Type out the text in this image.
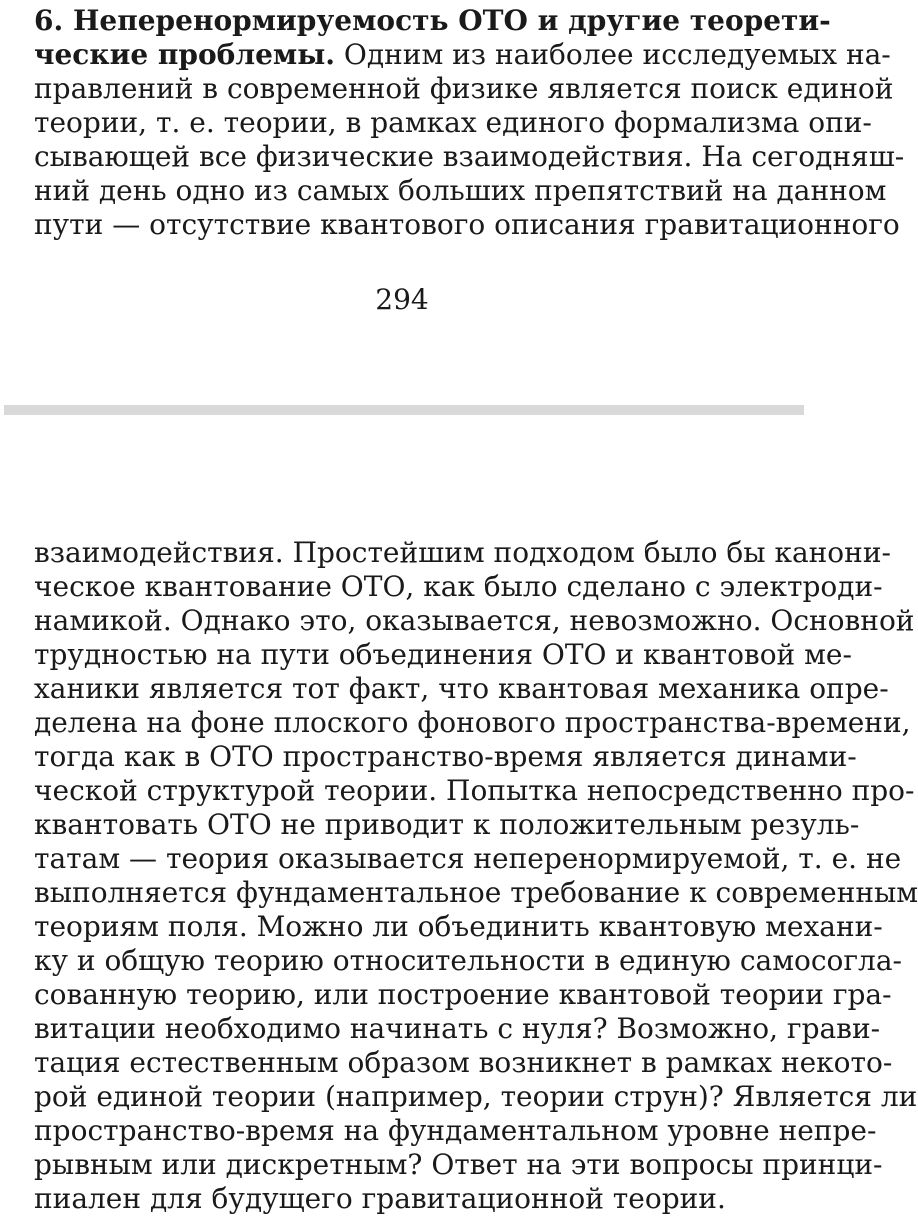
6. Неперенормируемость ОТО и другие теорети-
ческие проблемы. Одним из наиболее исследуемых на-
правлений в современной физике является поиск единой
теории, т. е. теории, в рамках единого формализма опи-
сывающей все физические взаимодействия. На сегодняш-
ний день одно из самых больших препятствий на данном
пути — отсутствие квантового описания гравитационного
294
взаимодействия. Простейшим подходом было бы канони-
ческое квантование ОТО, как было сделано с электроди-
намикой. Однако это, оказывается, невозможно. Основной
трудностью на пути объединения ОТО и квантовой ме-
ханики является тот факт, что квантовая механика опре-
делена на фоне плоского фонового пространства-времени,
тогда как в ОТО пространство-время является динами-
ческой структурой теории. Попытка непосредственно про-
квантовать ОТО не приводит к положительным резуль-
татам — теория оказывается неперенормируемой, т. е. не
выполняется фундаментальное требование к современным
теориям поля. Можно ли объединить квантовую механи-
ку и общую теорию относительности в единую самосогла-
сованную теорию, или построение квантовой теории гра-
витации необходимо начинать с нуля? Возможно, грави-
тация естественным образом возникнет в рамках некото-
рой единой теории (например, теории струн)? Является ли
пространство-время на фундаментальном уровне непре-
рывным или дискретным? Ответ на эти вопросы принци-
пиален для будущего гравитационной теории.
